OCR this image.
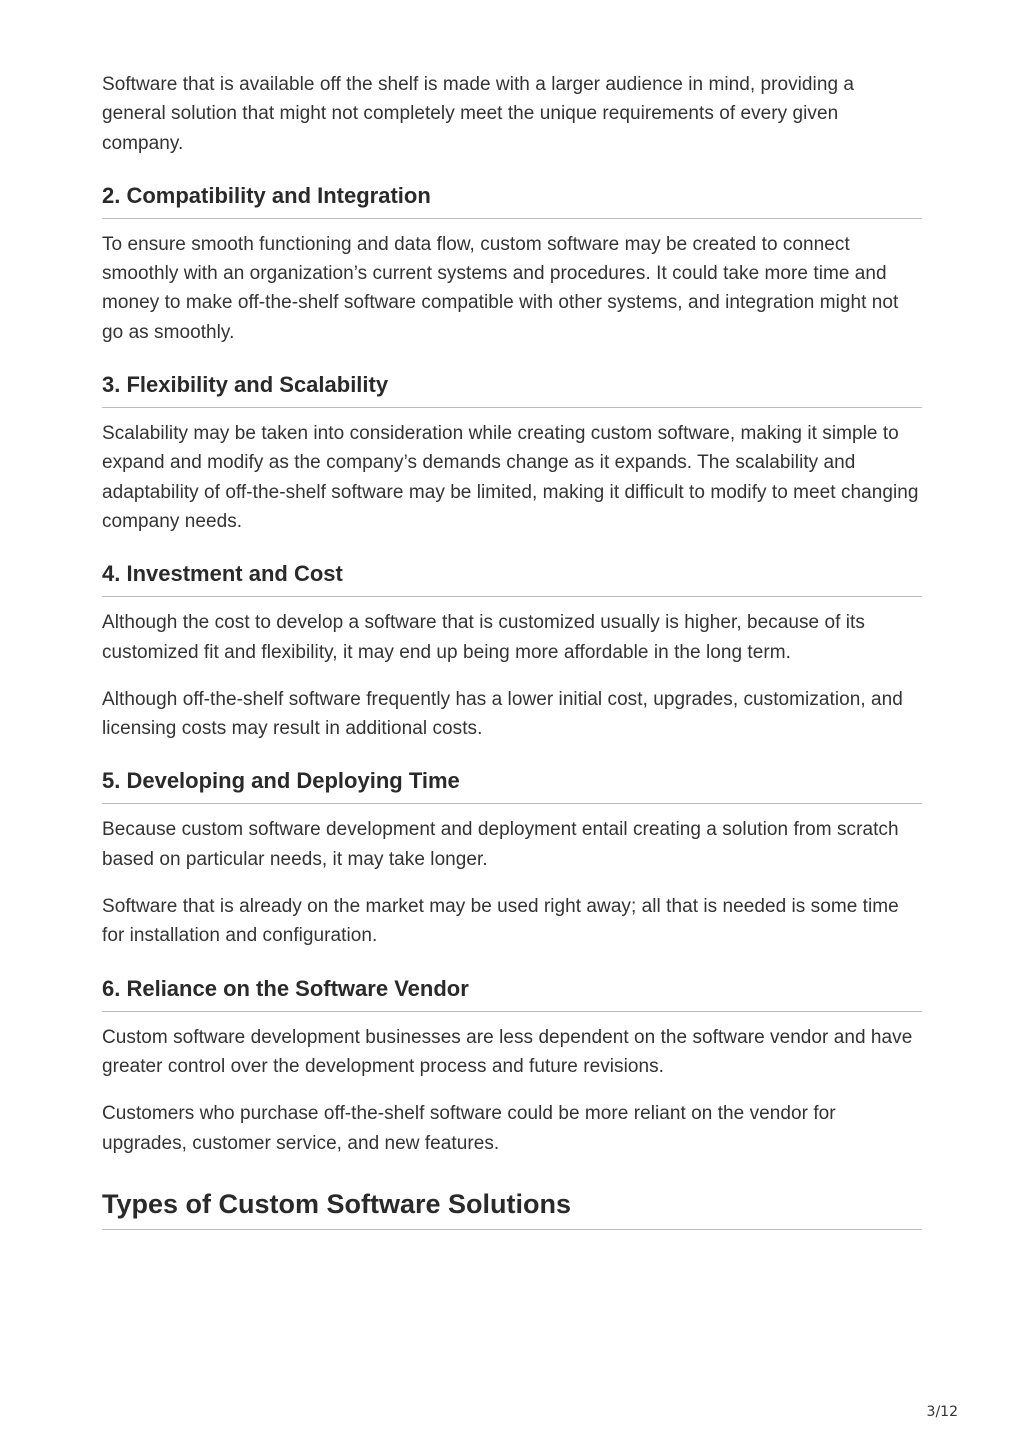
Software that is available off the shelf is made with a larger audience in mind, providing a general solution that might not completely meet the unique requirements of every given company.

2. Compatibility and Integration

To ensure smooth functioning and data flow, custom software may be created to connect smoothly with an organization’s current systems and procedures. It could take more time and money to make off-the-shelf software compatible with other systems, and integration might not go as smoothly.

3. Flexibility and Scalability

Scalability may be taken into consideration while creating custom software, making it simple to expand and modify as the company’s demands change as it expands. The scalability and adaptability of off-the-shelf software may be limited, making it difficult to modify to meet changing company needs.

4. Investment and Cost

Although the cost to develop a software that is customized usually is higher, because of its customized fit and flexibility, it may end up being more affordable in the long term.

Although off-the-shelf software frequently has a lower initial cost, upgrades, customization, and licensing costs may result in additional costs.

5. Developing and Deploying Time

Because custom software development and deployment entail creating a solution from scratch based on particular needs, it may take longer.

Software that is already on the market may be used right away; all that is needed is some time for installation and configuration.

6. Reliance on the Software Vendor

Custom software development businesses are less dependent on the software vendor and have greater control over the development process and future revisions.

Customers who purchase off-the-shelf software could be more reliant on the vendor for upgrades, customer service, and new features.

Types of Custom Software Solutions
3/12
